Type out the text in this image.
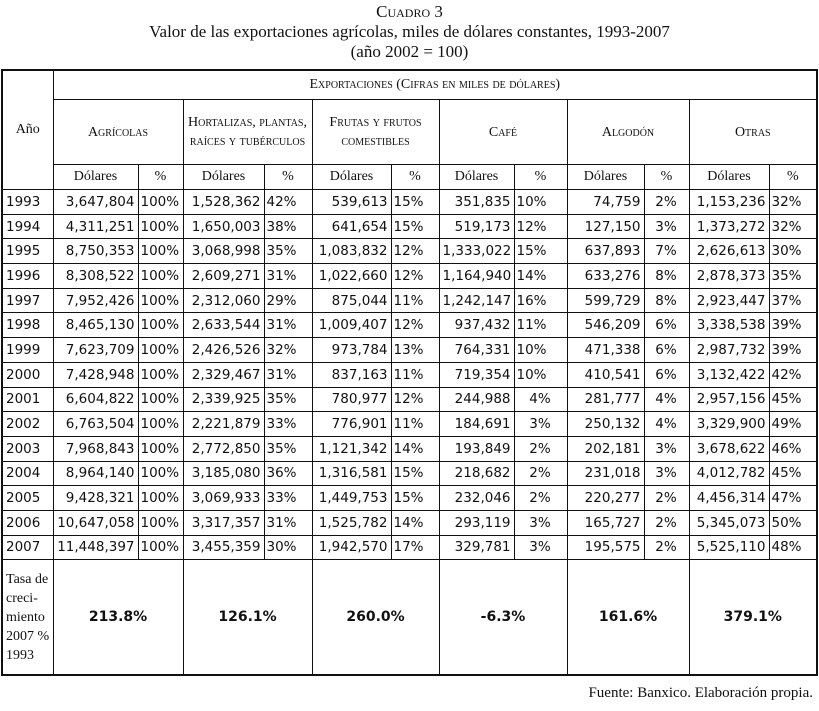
Cuadro 3
Valor de las exportaciones agrícolas, miles de dólares constantes, 1993-2007
(año 2002 = 100)
Año	Exportaciones (Cifras en miles de dólares)											
	Agrícolas		Hortalizas, plantas, raíces y tubérculos		Frutas y frutos comestibles		Café		Algodón		Otras	
	Dólares	%	Dólares	%	Dólares	%	Dólares	%	Dólares	%	Dólares	%
1993	3,647,804	100%	1,528,362	42%	539,613	15%	351,835	10%	74,759	2%	1,153,236	32%
1994	4,311,251	100%	1,650,003	38%	641,654	15%	519,173	12%	127,150	3%	1,373,272	32%
1995	8,750,353	100%	3,068,998	35%	1,083,832	12%	1,333,022	15%	637,893	7%	2,626,613	30%
1996	8,308,522	100%	2,609,271	31%	1,022,660	12%	1,164,940	14%	633,276	8%	2,878,373	35%
1997	7,952,426	100%	2,312,060	29%	875,044	11%	1,242,147	16%	599,729	8%	2,923,447	37%
1998	8,465,130	100%	2,633,544	31%	1,009,407	12%	937,432	11%	546,209	6%	3,338,538	39%
1999	7,623,709	100%	2,426,526	32%	973,784	13%	764,331	10%	471,338	6%	2,987,732	39%
2000	7,428,948	100%	2,329,467	31%	837,163	11%	719,354	10%	410,541	6%	3,132,422	42%
2001	6,604,822	100%	2,339,925	35%	780,977	12%	244,988	4%	281,777	4%	2,957,156	45%
2002	6,763,504	100%	2,221,879	33%	776,901	11%	184,691	3%	250,132	4%	3,329,900	49%
2003	7,968,843	100%	2,772,850	35%	1,121,342	14%	193,849	2%	202,181	3%	3,678,622	46%
2004	8,964,140	100%	3,185,080	36%	1,316,581	15%	218,682	2%	231,018	3%	4,012,782	45%
2005	9,428,321	100%	3,069,933	33%	1,449,753	15%	232,046	2%	220,277	2%	4,456,314	47%
2006	10,647,058	100%	3,317,357	31%	1,525,782	14%	293,119	3%	165,727	2%	5,345,073	50%
2007	11,448,397	100%	3,455,359	30%	1,942,570	17%	329,781	3%	195,575	2%	5,525,110	48%
Tasa de creci-miento 2007 % 1993	213.8%		126.1%		260.0%		-6.3%		161.6%		379.1%	
Fuente: Banxico. Elaboración propia.
